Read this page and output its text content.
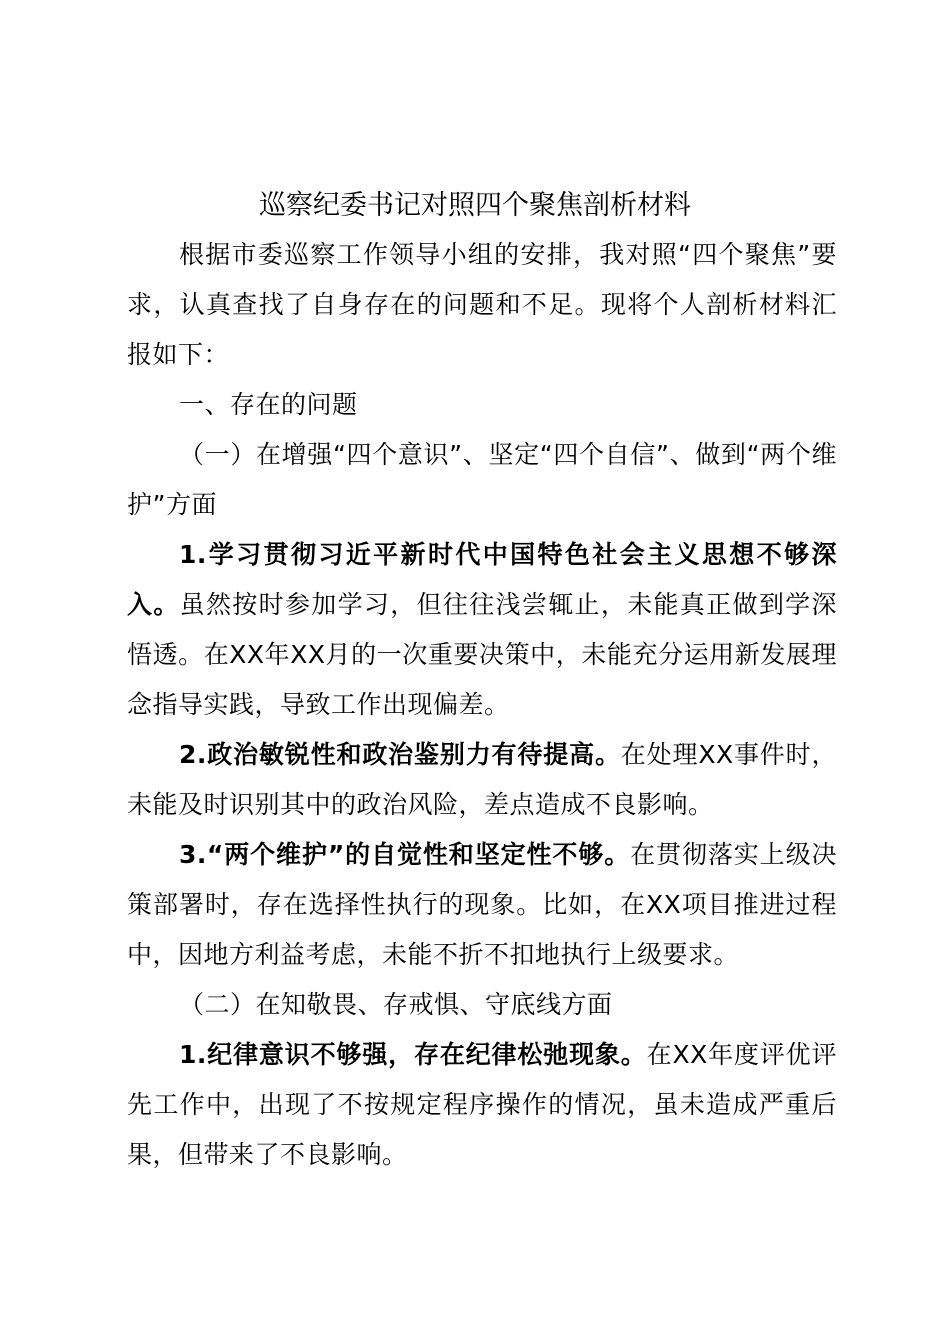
巡察纪委书记对照四个聚焦剖析材料

根据市委巡察工作领导小组的安排，我对照“四个聚焦”要求，认真查找了自身存在的问题和不足。现将个人剖析材料汇报如下：

一、存在的问题

（一）在增强“四个意识”、坚定“四个自信”、做到“两个维护”方面

1.学习贯彻习近平新时代中国特色社会主义思想不够深入。虽然按时参加学习，但往往浅尝辄止，未能真正做到学深悟透。在XX年XX月的一次重要决策中，未能充分运用新发展理念指导实践，导致工作出现偏差。

2.政治敏锐性和政治鉴别力有待提高。在处理XX事件时，未能及时识别其中的政治风险，差点造成不良影响。

3.“两个维护”的自觉性和坚定性不够。在贯彻落实上级决策部署时，存在选择性执行的现象。比如，在XX项目推进过程中，因地方利益考虑，未能不折不扣地执行上级要求。

（二）在知敬畏、存戒惧、守底线方面

1.纪律意识不够强，存在纪律松弛现象。在XX年度评优评先工作中，出现了不按规定程序操作的情况，虽未造成严重后果，但带来了不良影响。
